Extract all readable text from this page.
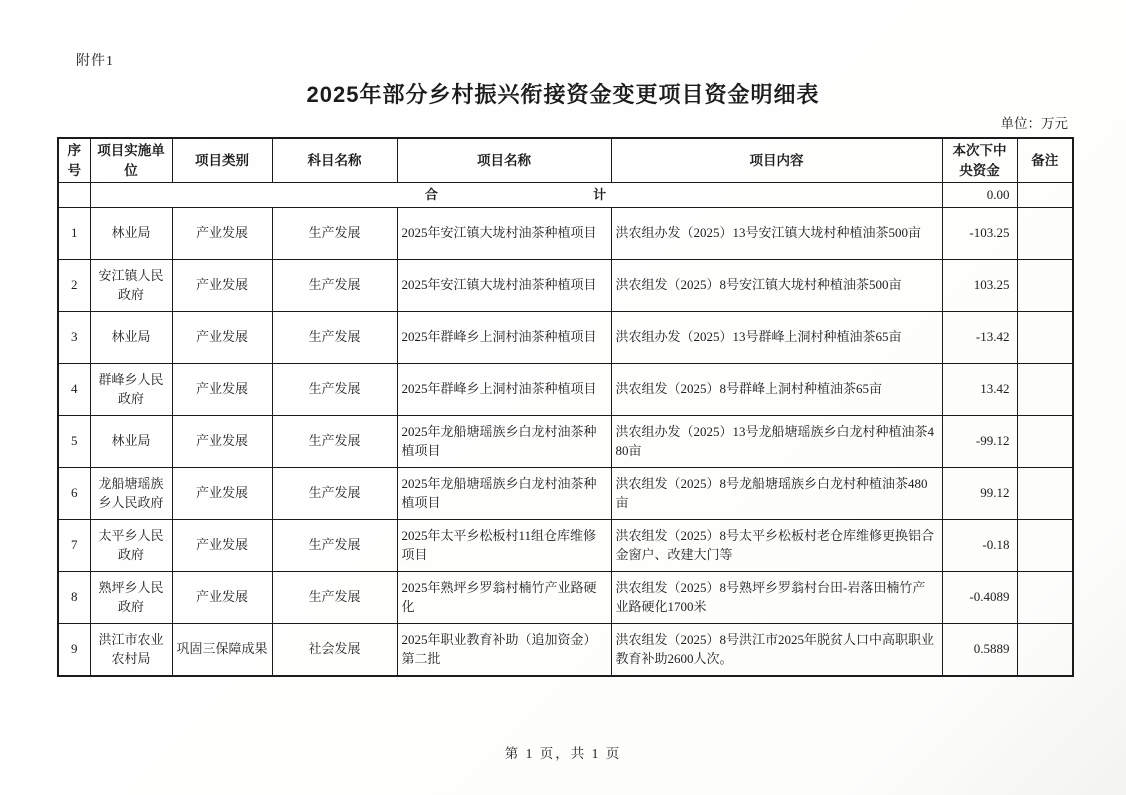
附件1
2025年部分乡村振兴衔接资金变更项目资金明细表
单位：万元
序号	项目实施单位	项目类别	科目名称	项目名称	项目内容	本次下中央资金	备注
	合 计					0.00	
1	林业局	产业发展	生产发展	2025年安江镇大垅村油茶种植项目	洪农组办发（2025）13号安江镇大垅村种植油茶500亩	-103.25	
2	安江镇人民政府	产业发展	生产发展	2025年安江镇大垅村油茶种植项目	洪农组发（2025）8号安江镇大垅村种植油茶500亩	103.25	
3	林业局	产业发展	生产发展	2025年群峰乡上洞村油茶种植项目	洪农组办发（2025）13号群峰上洞村种植油茶65亩	-13.42	
4	群峰乡人民政府	产业发展	生产发展	2025年群峰乡上洞村油茶种植项目	洪农组发（2025）8号群峰上洞村种植油茶65亩	13.42	
5	林业局	产业发展	生产发展	2025年龙船塘瑶族乡白龙村油茶种植项目	洪农组办发（2025）13号龙船塘瑶族乡白龙村种植油茶480亩	-99.12	
6	龙船塘瑶族乡人民政府	产业发展	生产发展	2025年龙船塘瑶族乡白龙村油茶种植项目	洪农组发（2025）8号龙船塘瑶族乡白龙村种植油茶480亩	99.12	
7	太平乡人民政府	产业发展	生产发展	2025年太平乡松板村11组仓库维修项目	洪农组发（2025）8号太平乡松板村老仓库维修更换铝合金窗户、改建大门等	-0.18	
8	熟坪乡人民政府	产业发展	生产发展	2025年熟坪乡罗翁村楠竹产业路硬化	洪农组发（2025）8号熟坪乡罗翁村台田-岩落田楠竹产业路硬化1700米	-0.4089	
9	洪江市农业农村局	巩固三保障成果	社会发展	2025年职业教育补助（追加资金）第二批	洪农组发（2025）8号洪江市2025年脱贫人口中高职职业教育补助2600人次。	0.5889	
第 1 页，共 1 页
